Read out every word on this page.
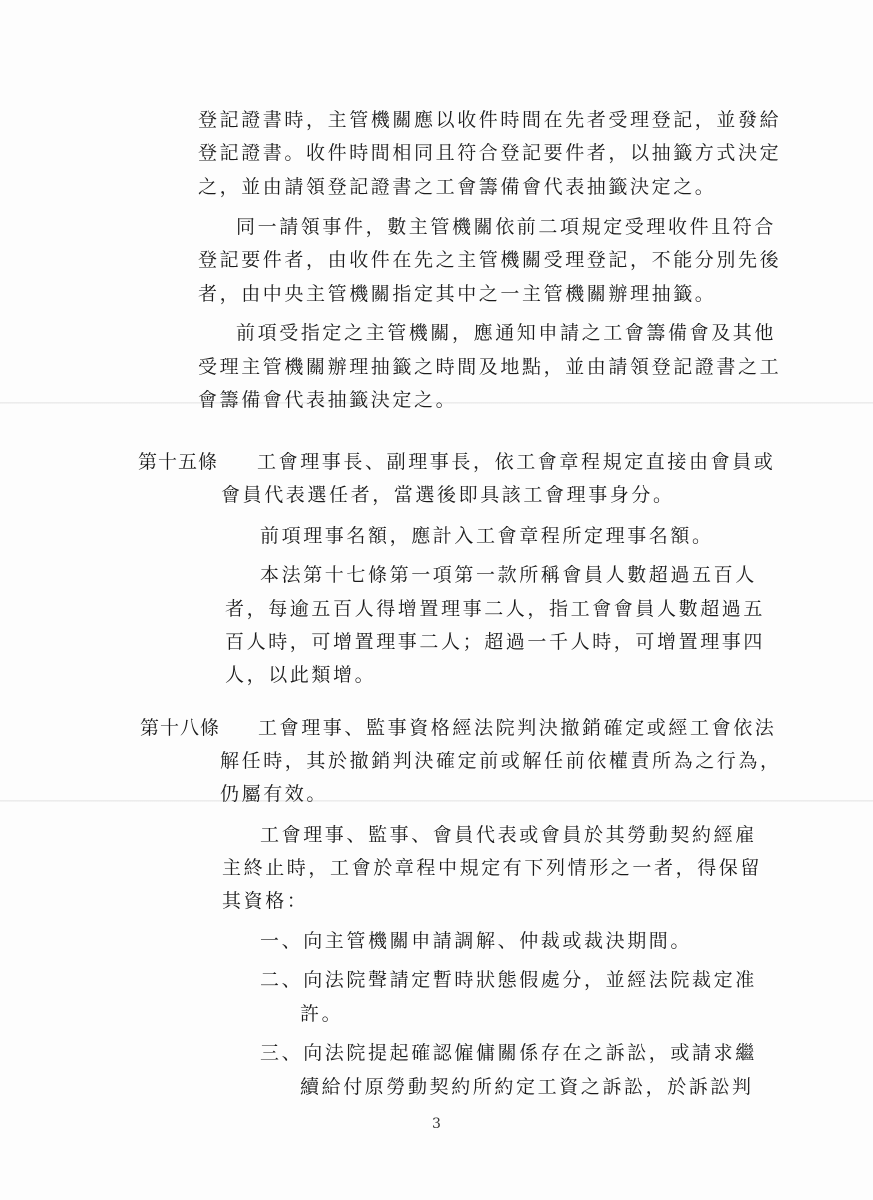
登記證書時，主管機關應以收件時間在先者受理登記，並發給
登記證書。收件時間相同且符合登記要件者，以抽籤方式決定
之，並由請領登記證書之工會籌備會代表抽籤決定之。
同一請領事件，數主管機關依前二項規定受理收件且符合
登記要件者，由收件在先之主管機關受理登記，不能分別先後
者，由中央主管機關指定其中之一主管機關辦理抽籤。
前項受指定之主管機關，應通知申請之工會籌備會及其他
受理主管機關辦理抽籤之時間及地點，並由請領登記證書之工
會籌備會代表抽籤決定之。
第十五條 工會理事長、副理事長，依工會章程規定直接由會員或
會員代表選任者，當選後即具該工會理事身分。
前項理事名額，應計入工會章程所定理事名額。
本法第十七條第一項第一款所稱會員人數超過五百人
者，每逾五百人得增置理事二人，指工會會員人數超過五
百人時，可增置理事二人；超過一千人時，可增置理事四
人，以此類增。
第十八條 工會理事、監事資格經法院判決撤銷確定或經工會依法
解任時，其於撤銷判決確定前或解任前依權責所為之行為，
仍屬有效。
工會理事、監事、會員代表或會員於其勞動契約經雇
主終止時，工會於章程中規定有下列情形之一者，得保留
其資格：
一、向主管機關申請調解、仲裁或裁決期間。
二、向法院聲請定暫時狀態假處分，並經法院裁定准
許。
三、向法院提起確認僱傭關係存在之訴訟，或請求繼
續給付原勞動契約所約定工資之訴訟，於訴訟判
3
